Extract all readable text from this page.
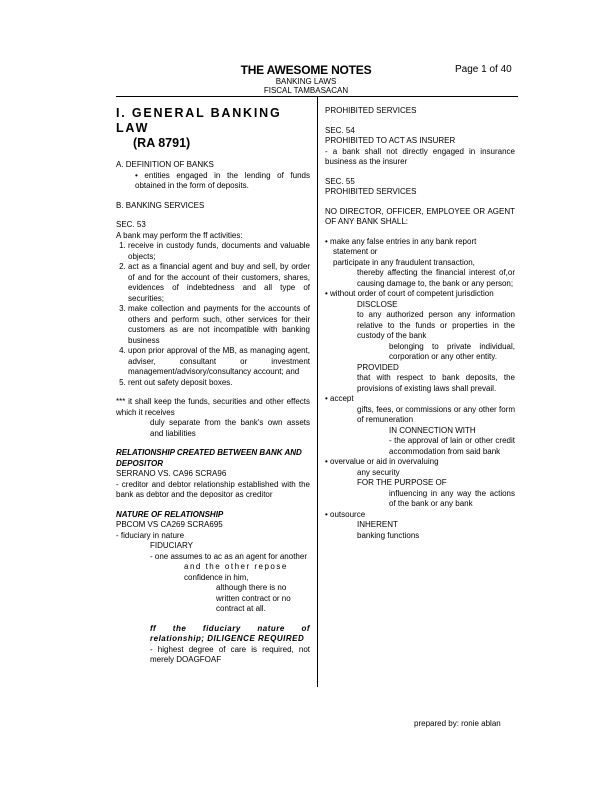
THE AWESOME NOTES	Page 1 of 40
BANKING LAWS
FISCAL TAMBASACAN

I. GENERAL BANKING LAW

(RA 8791)

A. DEFINITION OF BANKS

• entities engaged in the lending of funds obtained in the form of deposits.

B. BANKING SERVICES

SEC. 53

A bank may perform the ff activities:

1. receive in custody funds, documents and valuable objects;
2. act as a financial agent and buy and sell, by order of and for the account of their customers, shares, evidences of indebtedness and all type of securities;
3. make collection and payments for the accounts of others and perform such, other services for their customers as are not incompatible with banking business
4. upon prior approval of the MB, as managing agent, adviser, consultant or investment management/advisory/consultancy account; and
5. rent out safety deposit boxes.

*** it shall keep the funds, securities and other effects which it receives

duly separate from the bank's own assets and liabilities

RELATIONSHIP CREATED BETWEEN BANK AND DEPOSITOR

SERRANO VS. CA96 SCRA96

- creditor and debtor relationship established with the bank as debtor and the depositor as creditor

NATURE OF RELATIONSHIP

PBCOM VS CA269 SCRA695

- fiduciary in nature

FIDUCIARY

- one assumes to ac as an agent for another

and the other repose

confidence in him,

although there is no written contract or no contract at all.

ff the fiduciary nature of relationship; DILIGENCE REQUIRED

- highest degree of care is required, not merely DOAGFOAF

PROHIBITED SERVICES

SEC. 54

PROHIBITED TO ACT AS INSURER

- a bank shall not directly engaged in insurance business as the insurer

SEC. 55

PROHIBITED SERVICES

NO DIRECTOR, OFFICER, EMPLOYEE OR AGENT OF ANY BANK SHALL:

• make any false entries in any bank report

statement or

participate in any fraudulent transaction,

thereby affecting the financial interest of,or causing damage to, the bank or any person;

• without order of court of competent jurisdiction

DISCLOSE

to any authorized person any information relative to the funds or properties in the custody of the bank

belonging to private individual, corporation or any other entity.

PROVIDED

that with respect to bank deposits, the provisions of existing laws shall prevail.

• accept

gifts, fees, or commissions or any other form of remuneration

IN CONNECTION WITH

- the approval of lain or other credit accommodation from said bank

• overvalue or aid in overvaluing

any security

FOR THE PURPOSE OF

influencing in any way the actions of the bank or any bank

• outsource

INHERENT

banking functions

prepared by: ronie ablan
